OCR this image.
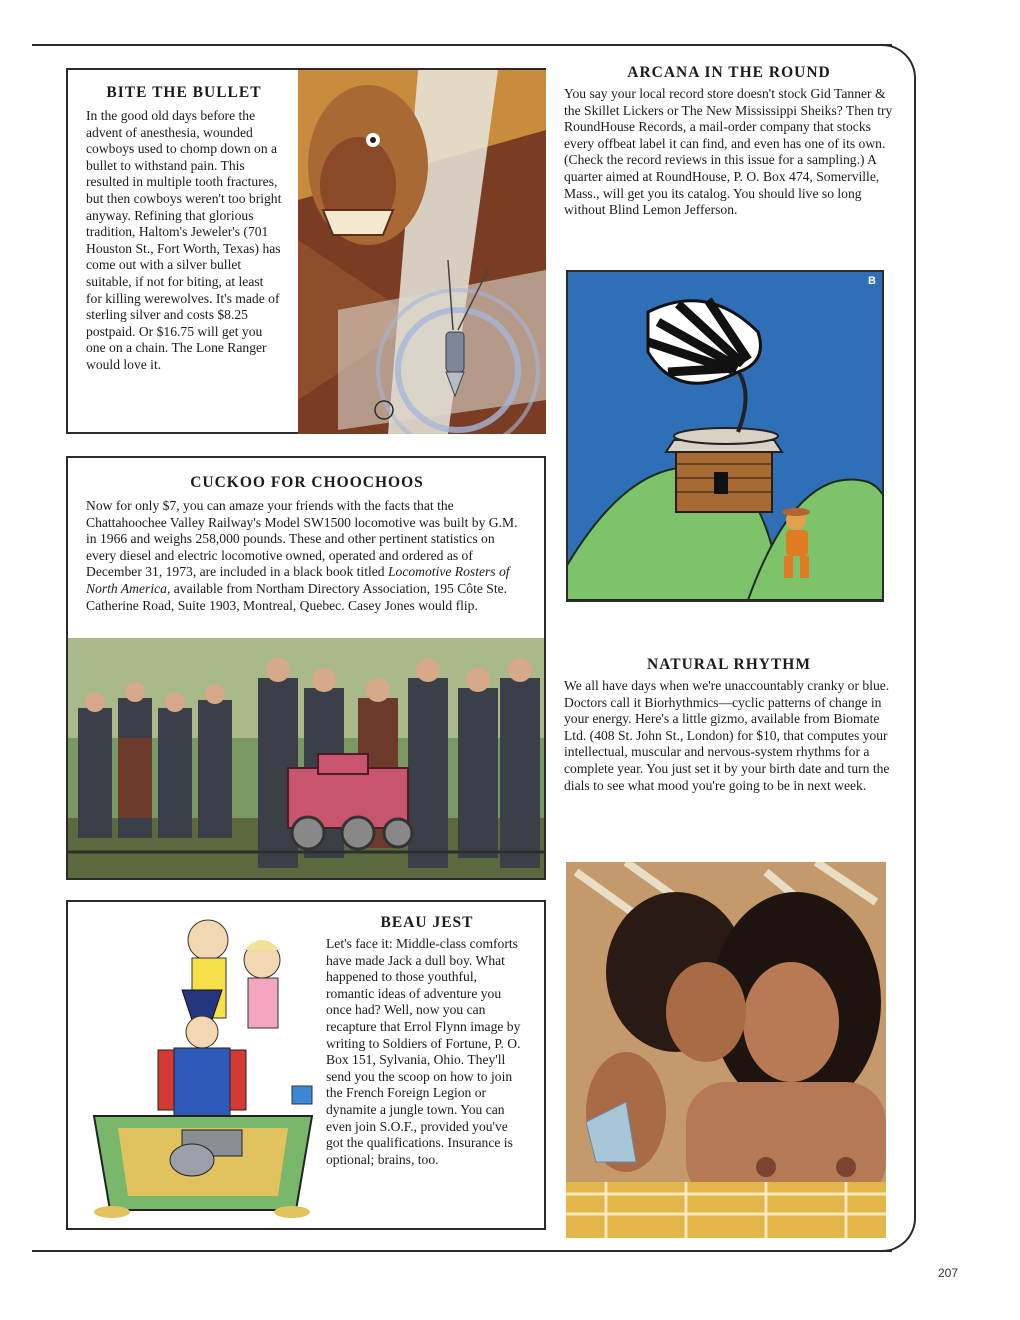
BITE THE BULLET

In the good old days before the advent of anesthesia, wounded cowboys used to chomp down on a bullet to withstand pain. This resulted in multiple tooth fractures, but then cowboys weren't too bright anyway. Refining that glorious tradition, Haltom's Jeweler's (701 Houston St., Fort Worth, Texas) has come out with a silver bullet suitable, if not for biting, at least for killing werewolves. It's made of sterling silver and costs $8.25 postpaid. Or $16.75 will get you one on a chain. The Lone Ranger would love it.

ARCANA IN THE ROUND

You say your local record store doesn't stock Gid Tanner & the Skillet Lickers or The New Mississippi Sheiks? Then try RoundHouse Records, a mail-order company that stocks every offbeat label it can find, and even has one of its own. (Check the record reviews in this issue for a sampling.) A quarter aimed at RoundHouse, P. O. Box 474, Somerville, Mass., will get you its catalog. You should live so long without Blind Lemon Jefferson.

B
CUCKOO FOR CHOOCHOOS

Now for only $7, you can amaze your friends with the facts that the Chattahoochee Valley Railway's Model SW1500 locomotive was built by G.M. in 1966 and weighs 258,000 pounds. These and other pertinent statistics on every diesel and electric locomotive owned, operated and ordered as of December 31, 1973, are included in a black book titled Locomotive Rosters of North America, available from Northam Directory Association, 195 Côte Ste. Catherine Road, Suite 1903, Montreal, Quebec. Casey Jones would flip.

NATURAL RHYTHM

We all have days when we're unaccountably cranky or blue. Doctors call it Biorhythmics—cyclic patterns of change in your energy. Here's a little gizmo, available from Biomate Ltd. (408 St. John St., London) for $10, that computes your intellectual, muscular and nervous-system rhythms for a complete year. You just set it by your birth date and turn the dials to see what mood you're going to be in next week.

BEAU JEST

Let's face it: Middle-class comforts have made Jack a dull boy. What happened to those youthful, romantic ideas of adventure you once had? Well, now you can recapture that Errol Flynn image by writing to Soldiers of Fortune, P. O. Box 151, Sylvania, Ohio. They'll send you the scoop on how to join the French Foreign Legion or dynamite a jungle town. You can even join S.O.F., provided you've got the qualifications. Insurance is optional; brains, too.

207
